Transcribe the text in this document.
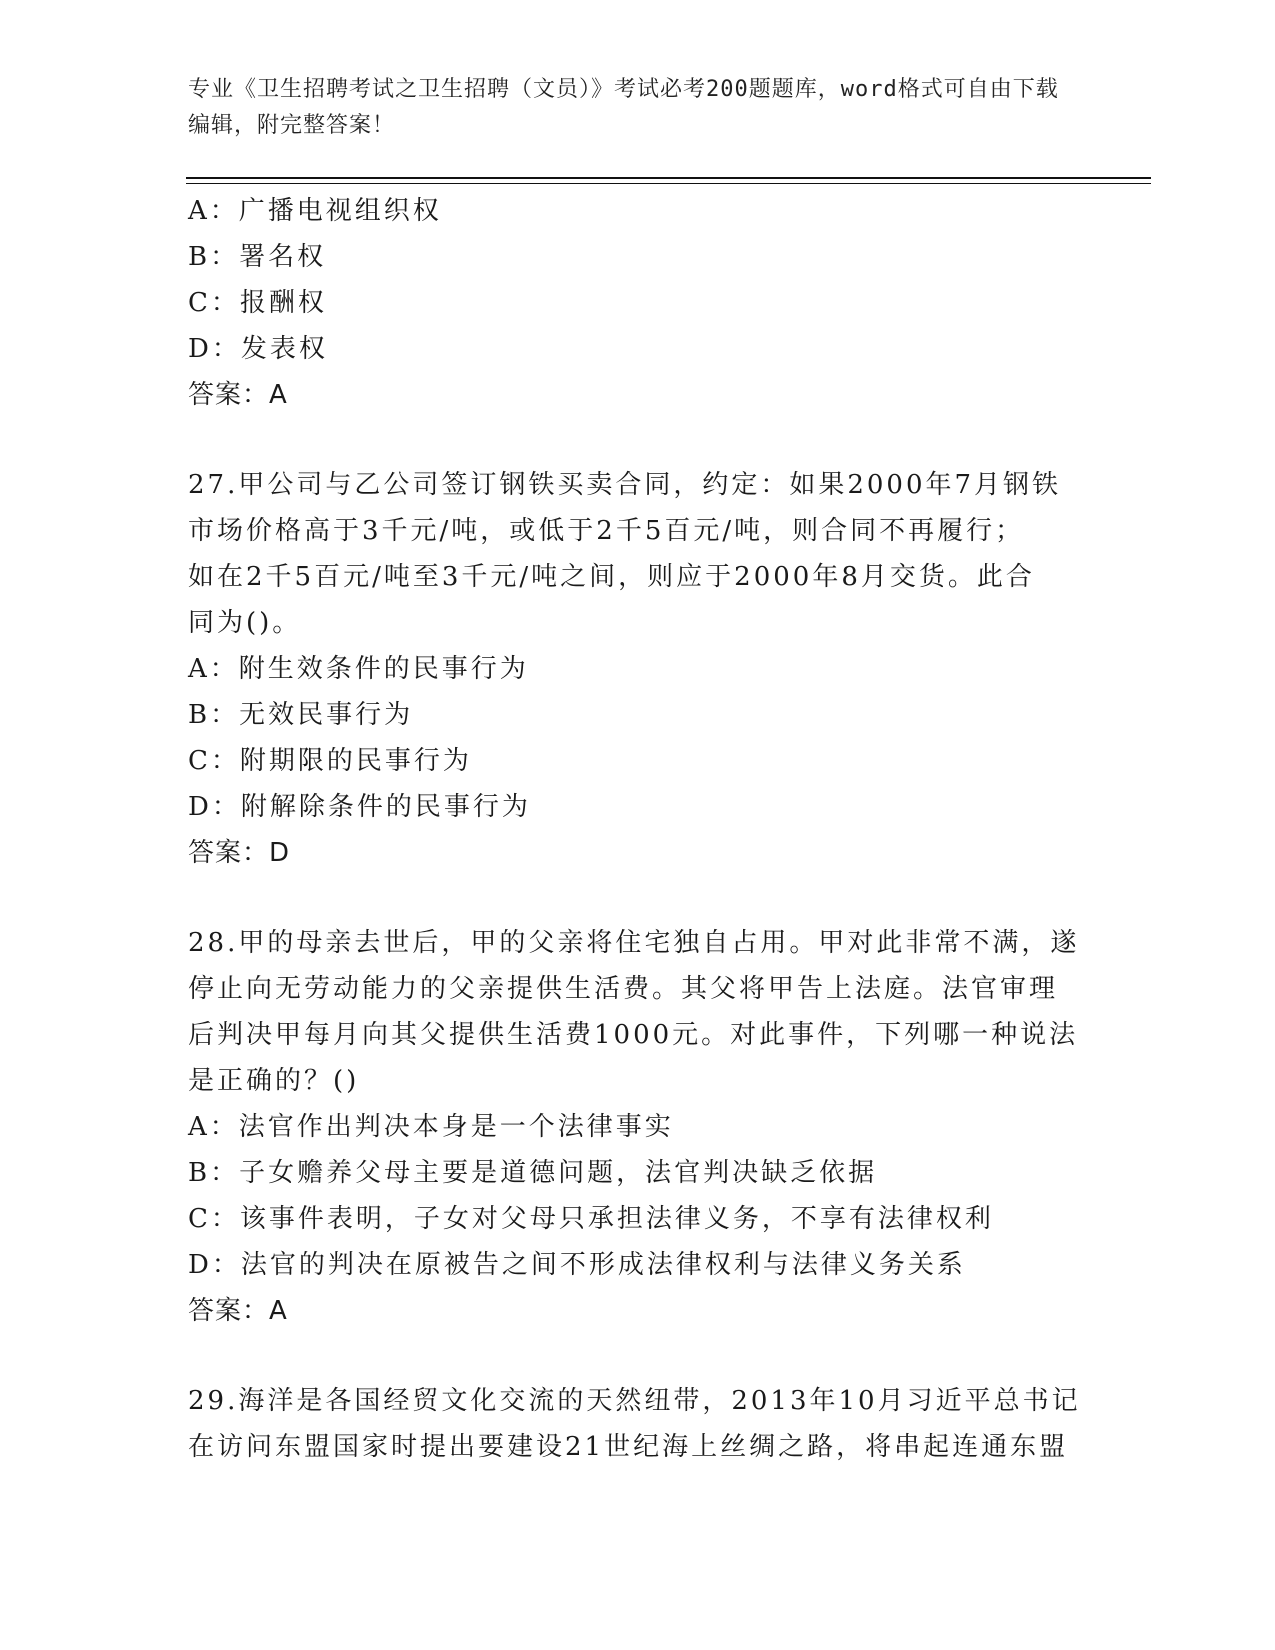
专业《卫生招聘考试之卫生招聘（文员）》考试必考200题题库，word格式可自由下载编辑，附完整答案！
A：广播电视组织权
B：署名权
C：报酬权
D：发表权
答案：A
27.甲公司与乙公司签订钢铁买卖合同，约定：如果2000年7月钢铁
市场价格高于3千元/吨，或低于2千5百元/吨，则合同不再履行；
如在2千5百元/吨至3千元/吨之间，则应于2000年8月交货。此合
同为()。
A：附生效条件的民事行为
B：无效民事行为
C：附期限的民事行为
D：附解除条件的民事行为
答案：D
28.甲的母亲去世后，甲的父亲将住宅独自占用。甲对此非常不满，遂
停止向无劳动能力的父亲提供生活费。其父将甲告上法庭。法官审理
后判决甲每月向其父提供生活费1000元。对此事件，下列哪一种说法
是正确的？()
A：法官作出判决本身是一个法律事实
B：子女赡养父母主要是道德问题，法官判决缺乏依据
C：该事件表明，子女对父母只承担法律义务，不享有法律权利
D：法官的判决在原被告之间不形成法律权利与法律义务关系
答案：A
29.海洋是各国经贸文化交流的天然纽带，2013年10月习近平总书记
在访问东盟国家时提出要建设21世纪海上丝绸之路，将串起连通东盟
